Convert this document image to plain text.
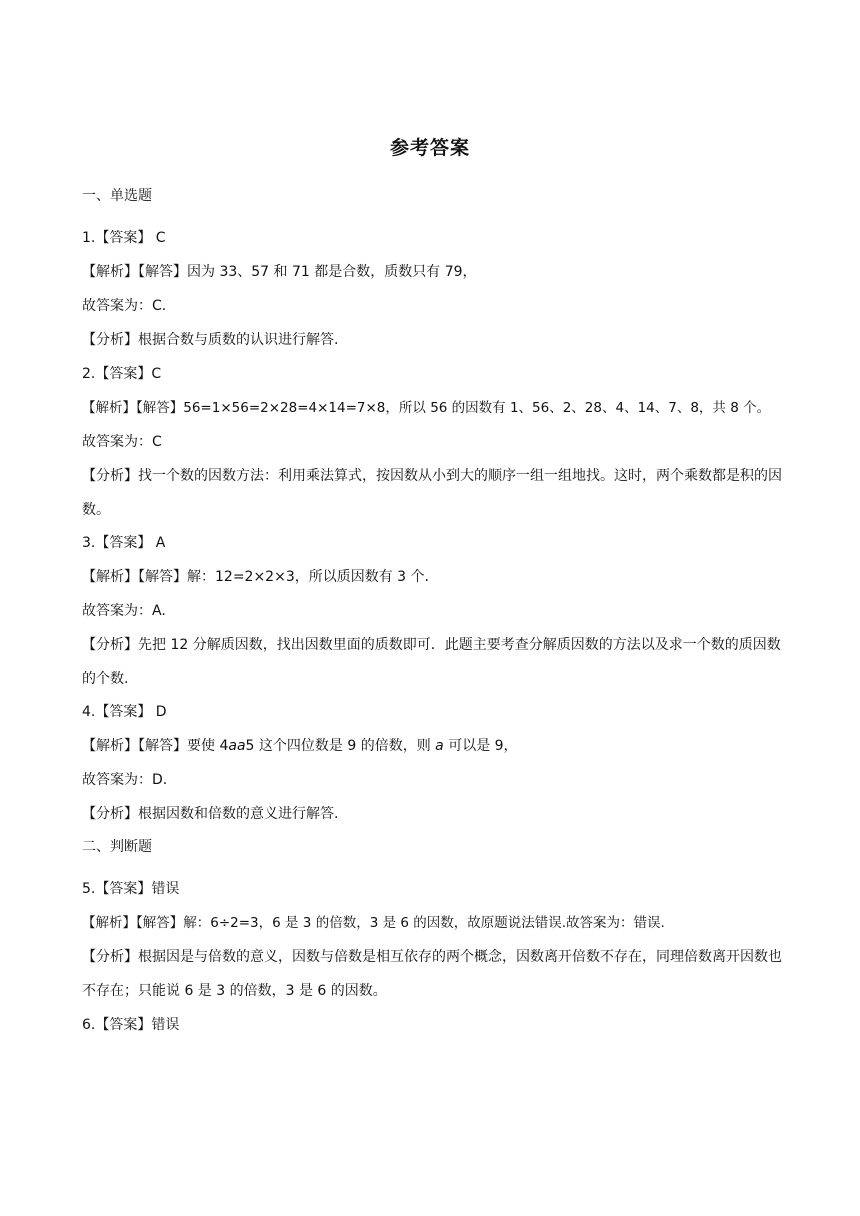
参考答案
一、单选题
1.【答案】 C
【解析】【解答】因为 33、57 和 71 都是合数，质数只有 79，
故答案为：C.
【分析】根据合数与质数的认识进行解答.
2.【答案】C
【解析】【解答】56=1×56=2×28=4×14=7×8，所以 56 的因数有 1、56、2、28、4、14、7、8，共 8 个。
故答案为：C
【分析】找一个数的因数方法：利用乘法算式，按因数从小到大的顺序一组一组地找。这时，两个乘数都是积的因数。
3.【答案】 A
【解析】【解答】解：12=2×2×3，所以质因数有 3 个.
故答案为：A.
【分析】先把 12 分解质因数，找出因数里面的质数即可．此题主要考查分解质因数的方法以及求一个数的质因数的个数.
4.【答案】 D
【解析】【解答】要使 4aa5 这个四位数是 9 的倍数，则 a 可以是 9，
故答案为：D.
【分析】根据因数和倍数的意义进行解答.
二、判断题
5.【答案】错误
【解析】【解答】解：6÷2=3，6 是 3 的倍数，3 是 6 的因数，故原题说法错误.故答案为：错误.
【分析】根据因是与倍数的意义，因数与倍数是相互依存的两个概念，因数离开倍数不存在，同理倍数离开因数也不存在；只能说 6 是 3 的倍数，3 是 6 的因数。
6.【答案】错误
